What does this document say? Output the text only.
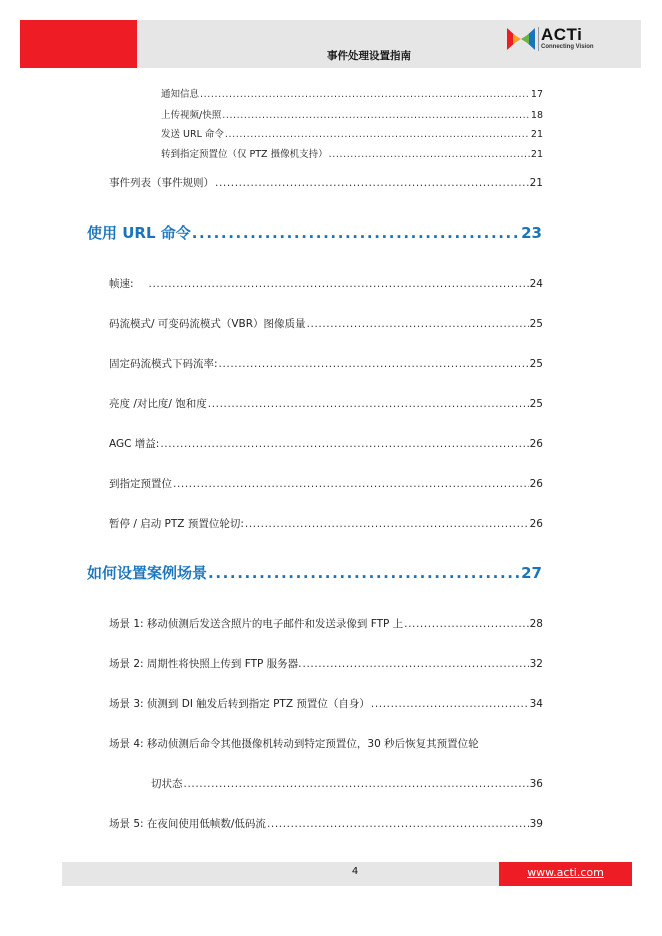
事件处理设置指南
ACTi
Connecting Vision
通知信息 .....	17
上传视频/快照 .....	18
发送 URL 命令 .....	21
转到指定预置位（仅 PTZ 摄像机支持） .....	21
事件列表（事件规则） .....	21
使用 URL 命令 .....	23
帧速: .....	24
码流模式/ 可变码流模式（VBR）图像质量 .....	25
固定码流模式下码流率: .....	25
亮度 /对比度/ 饱和度 .....	25
AGC 增益: .....	26
到指定预置位 .....	26
暂停 / 启动 PTZ 预置位轮切: .....	26
如何设置案例场景 .....	27
场景 1: 移动侦测后发送含照片的电子邮件和发送录像到 FTP 上 .....	28
场景 2: 周期性将快照上传到 FTP 服务器. .....	32
场景 3: 侦测到 DI 触发后转到指定 PTZ 预置位（自身） .....	34
场景 4: 移动侦测后命令其他摄像机转动到特定预置位，30 秒后恢复其预置位轮
切状态 .....	36
场景 5: 在夜间使用低帧数/低码流 .....	39
4	www.acti.com
